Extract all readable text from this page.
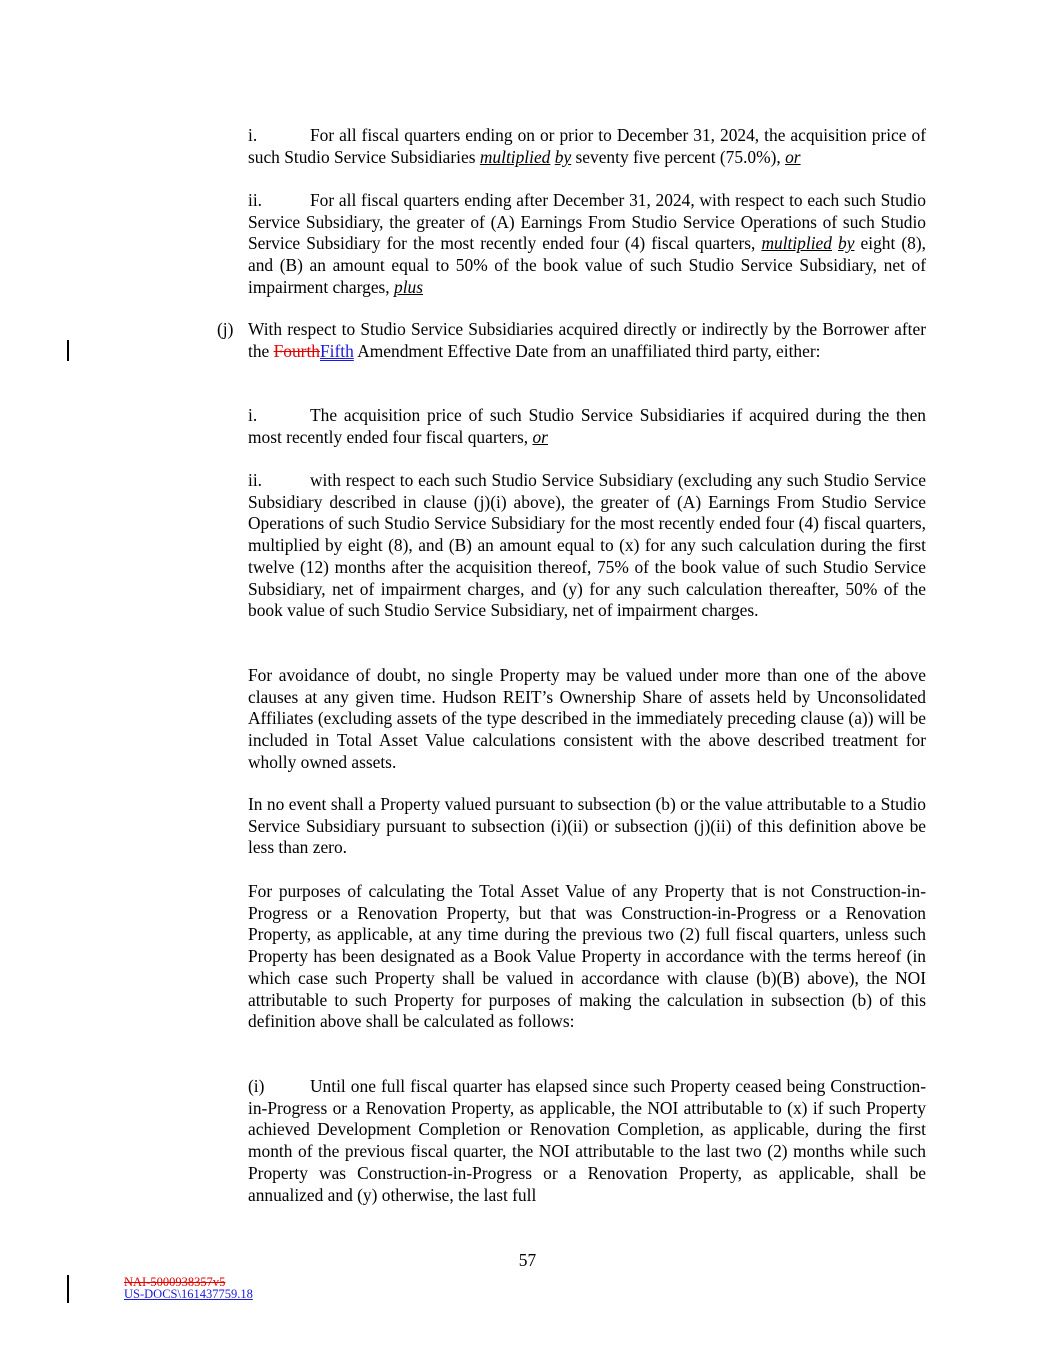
i.	For all fiscal quarters ending on or prior to December 31, 2024, the acquisition price of such Studio Service Subsidiaries multiplied by seventy five percent (75.0%), or
ii.	For all fiscal quarters ending after December 31, 2024, with respect to each such Studio Service Subsidiary, the greater of (A) Earnings From Studio Service Operations of such Studio Service Subsidiary for the most recently ended four (4) fiscal quarters, multiplied by eight (8), and (B) an amount equal to 50% of the book value of such Studio Service Subsidiary, net of impairment charges, plus
(j) With respect to Studio Service Subsidiaries acquired directly or indirectly by the Borrower after the FourthFifth Amendment Effective Date from an unaffiliated third party, either:
i.	The acquisition price of such Studio Service Subsidiaries if acquired during the then most recently ended four fiscal quarters, or
ii.	with respect to each such Studio Service Subsidiary (excluding any such Studio Service Subsidiary described in clause (j)(i) above), the greater of (A) Earnings From Studio Service Operations of such Studio Service Subsidiary for the most recently ended four (4) fiscal quarters, multiplied by eight (8), and (B) an amount equal to (x) for any such calculation during the first twelve (12) months after the acquisition thereof, 75% of the book value of such Studio Service Subsidiary, net of impairment charges, and (y) for any such calculation thereafter, 50% of the book value of such Studio Service Subsidiary, net of impairment charges.
For avoidance of doubt, no single Property may be valued under more than one of the above clauses at any given time. Hudson REIT’s Ownership Share of assets held by Unconsolidated Affiliates (excluding assets of the type described in the immediately preceding clause (a)) will be included in Total Asset Value calculations consistent with the above described treatment for wholly owned assets.
In no event shall a Property valued pursuant to subsection (b) or the value attributable to a Studio Service Subsidiary pursuant to subsection (i)(ii) or subsection (j)(ii) of this definition above be less than zero.
For purposes of calculating the Total Asset Value of any Property that is not Construction-in-Progress or a Renovation Property, but that was Construction-in-Progress or a Renovation Property, as applicable, at any time during the previous two (2) full fiscal quarters, unless such Property has been designated as a Book Value Property in accordance with the terms hereof (in which case such Property shall be valued in accordance with clause (b)(B) above), the NOI attributable to such Property for purposes of making the calculation in subsection (b) of this definition above shall be calculated as follows:
(i)	Until one full fiscal quarter has elapsed since such Property ceased being Construction-in-Progress or a Renovation Property, as applicable, the NOI attributable to (x) if such Property achieved Development Completion or Renovation Completion, as applicable, during the first month of the previous fiscal quarter, the NOI attributable to the last two (2) months while such Property was Construction-in-Progress or a Renovation Property, as applicable, shall be annualized and (y) otherwise, the last full
57
NAI-5000938357v5
US-DOCS\161437759.18
